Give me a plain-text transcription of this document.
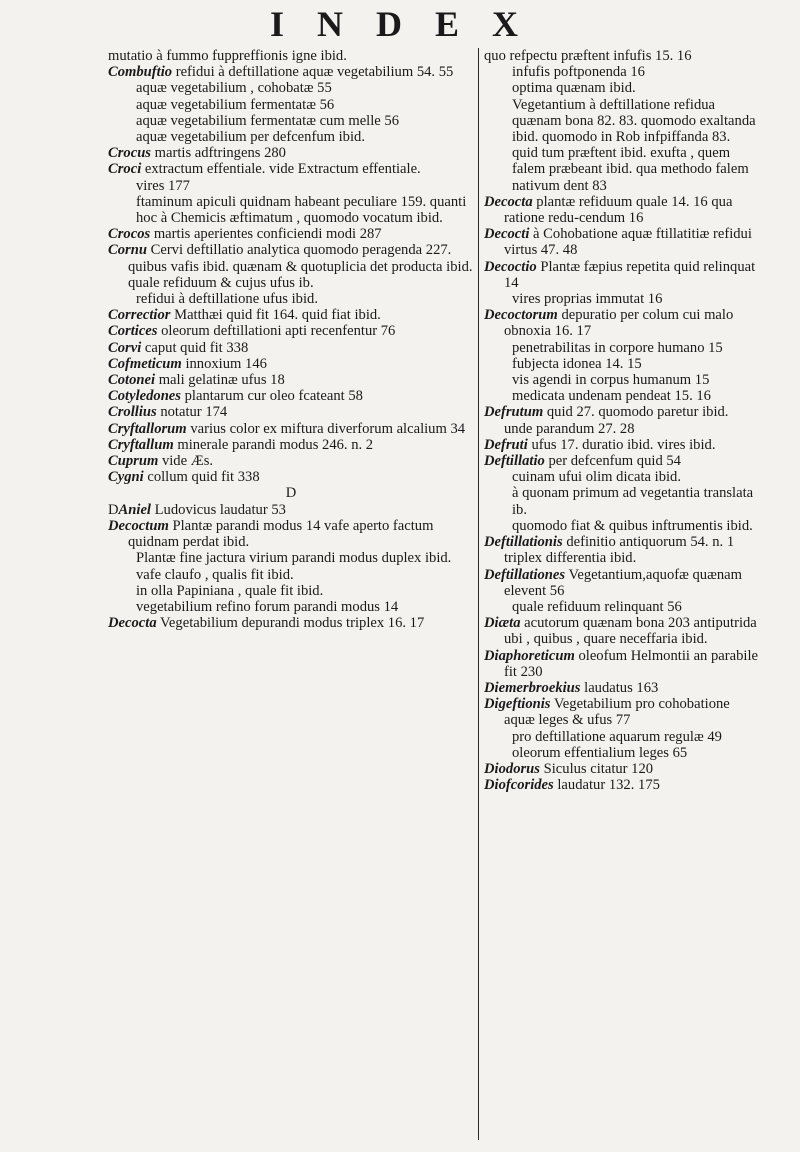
I N D E X

mutatio à fummo fuppreffionis igne ibid.

Combuftio refidui à deftillatione aquæ vegetabilium 54. 55

aquæ vegetabilium , cohobatæ 55

aquæ vegetabilium fermentatæ 56

aquæ vegetabilium fermentatæ cum melle 56

aquæ vegetabilium per defcenfum ibid.

Crocus martis adftringens 280

Croci extractum effentiale. vide Extractum effentiale.

vires 177

ftaminum apiculi quidnam habeant peculiare 159. quanti hoc à Chemicis æftimatum , quomodo vocatum ibid.

Crocos martis aperientes conficiendi modi 287

Cornu Cervi deftillatio analytica quomodo peragenda 227. quibus vafis ibid. quænam & quotuplicia det producta ibid. quale refiduum & cujus ufus ib.

refidui à deftillatione ufus ibid.

Correctior Matthæi quid fit 164. quid fiat ibid.

Cortices oleorum deftillationi apti recenfentur 76

Corvi caput quid fit 338

Cofmeticum innoxium 146

Cotonei mali gelatinæ ufus 18

Cotyledones plantarum cur oleo fcateant 58

Crollius notatur 174

Cryftallorum varius color ex miftura diverforum alcalium 34

Cryftallum minerale parandi modus 246. n. 2

Cuprum vide Æs.

Cygni collum quid fit 338

D

DAniel Ludovicus laudatur 53

Decoctum Plantæ parandi modus 14 vafe aperto factum quidnam perdat ibid.

Plantæ fine jactura virium parandi modus duplex ibid.

vafe claufo , qualis fit ibid.

in olla Papiniana , quale fit ibid.

vegetabilium refino forum parandi modus 14

Decocta Vegetabilium depurandi modus triplex 16. 17

quo refpectu præftent infufis 15. 16

infufis poftponenda 16

optima quænam ibid.

Vegetantium à deftillatione refidua quænam bona 82. 83. quomodo exaltanda ibid. quomodo in Rob infpiffanda 83. quid tum præftent ibid. exufta , quem falem præbeant ibid. qua methodo falem nativum dent 83

Decocta plantæ refiduum quale 14. 16 qua ratione redu-cendum 16

Decocti à Cohobatione aquæ ftillatitiæ refidui virtus 47. 48

Decoctio Plantæ fæpius repetita quid relinquat 14

vires proprias immutat 16

Decoctorum depuratio per colum cui malo obnoxia 16. 17

penetrabilitas in corpore humano 15

fubjecta idonea 14. 15

vis agendi in corpus humanum 15

medicata undenam pendeat 15. 16

Defrutum quid 27. quomodo paretur ibid. unde parandum 27. 28

Defruti ufus 17. duratio ibid. vires ibid.

Deftillatio per defcenfum quid 54

cuinam ufui olim dicata ibid.

à quonam primum ad vegetantia translata ib.

quomodo fiat & quibus inftrumentis ibid.

Deftillationis definitio antiquorum 54. n. 1 triplex differentia ibid.

Deftillationes Vegetantium,aquofæ quænam elevent 56

quale refiduum relinquant 56

Diæta acutorum quænam bona 203 antiputrida ubi , quibus , quare neceffaria ibid.

Diaphoreticum oleofum Helmontii an parabile fit 230

Diemerbroekius laudatus 163

Digeftionis Vegetabilium pro cohobatione aquæ leges & ufus 77

pro deftillatione aquarum regulæ 49

oleorum effentialium leges 65

Diodorus Siculus citatur 120

Diofcorides laudatur 132. 175
